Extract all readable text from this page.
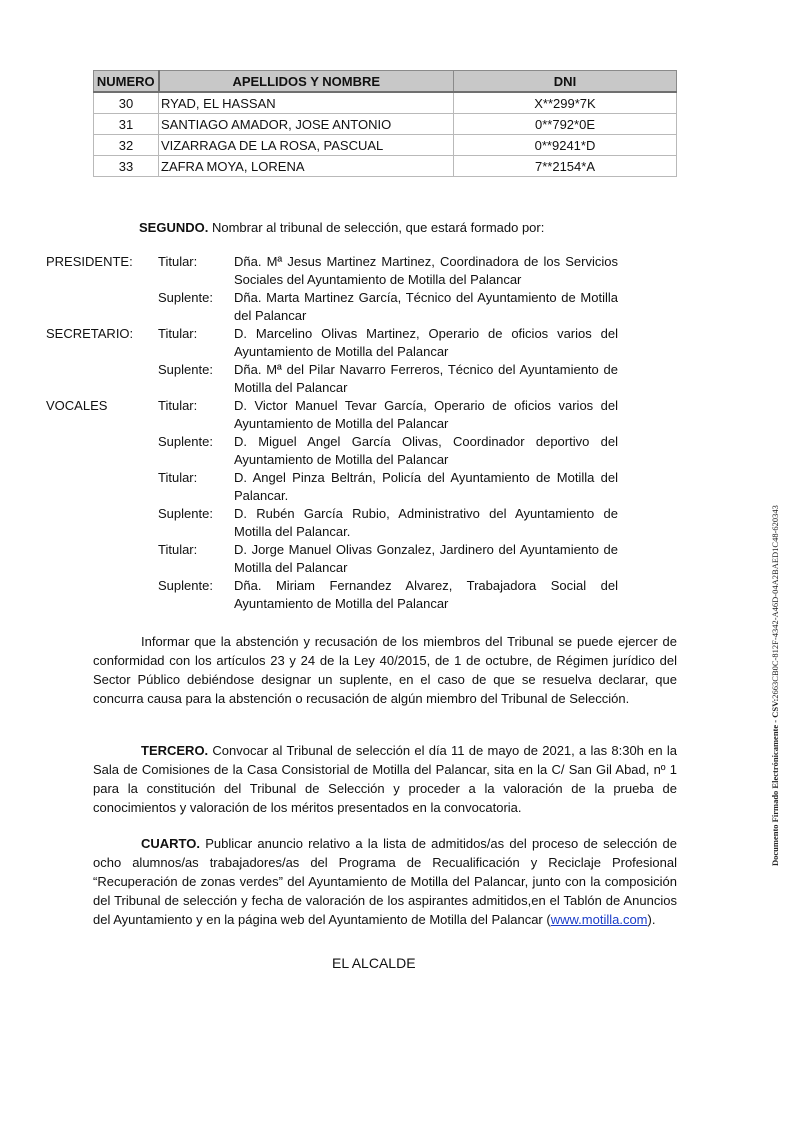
NUMERO	APELLIDOS Y NOMBRE	DNI
30	RYAD, EL HASSAN	X**299*7K
31	SANTIAGO AMADOR, JOSE ANTONIO	0**792*0E
32	VIZARRAGA DE LA ROSA, PASCUAL	0**9241*D
33	ZAFRA MOYA, LORENA	7**2154*A
SEGUNDO. Nombrar al tribunal de selección, que estará formado por:
PRESIDENTE:	Titular:	Dña. Mª Jesus Martinez Martinez, Coordinadora de los Servicios Sociales del Ayuntamiento de Motilla del Palancar
Suplente:	Dña. Marta Martinez García, Técnico del Ayuntamiento de Motilla del Palancar
SECRETARIO:	Titular:	D. Marcelino Olivas Martinez, Operario de oficios varios del Ayuntamiento de Motilla del Palancar
Suplente:	Dña. Mª del Pilar Navarro Ferreros, Técnico del Ayuntamiento de Motilla del Palancar
VOCALES	Titular:	D. Victor Manuel Tevar García, Operario de oficios varios del Ayuntamiento de Motilla del Palancar
Suplente:	D. Miguel Angel García Olivas, Coordinador deportivo del Ayuntamiento de Motilla del Palancar
Titular:	D. Angel Pinza Beltrán, Policía del Ayuntamiento de Motilla del Palancar.
Suplente:	D. Rubén García Rubio, Administrativo del Ayuntamiento de Motilla del Palancar.
Titular:	D. Jorge Manuel Olivas Gonzalez, Jardinero del Ayuntamiento de Motilla del Palancar
Suplente:	Dña. Miriam Fernandez Alvarez, Trabajadora Social del Ayuntamiento de Motilla del Palancar
Informar que la abstención y recusación de los miembros del Tribunal se puede ejercer de conformidad con los artículos 23 y 24 de la Ley 40/2015, de 1 de octubre, de Régimen jurídico del Sector Público debiéndose designar un suplente, en el caso de que se resuelva declarar, que concurra causa para la abstención o recusación de algún miembro del Tribunal de Selección.
TERCERO. Convocar al Tribunal de selección el día 11 de mayo de 2021, a las 8:30h en la Sala de Comisiones de la Casa Consistorial de Motilla del Palancar, sita en la C/ San Gil Abad, nº 1 para la constitución del Tribunal de Selección y proceder a la valoración de la prueba de conocimientos y valoración de los méritos presentados en la convocatoria.
CUARTO. Publicar anuncio relativo a la lista de admitidos/as del proceso de selección de ocho alumnos/as trabajadores/as del Programa de Recualificación y Reciclaje Profesional “Recuperación de zonas verdes” del Ayuntamiento de Motilla del Palancar, junto con la composición del Tribunal de selección y fecha de valoración de los aspirantes admitidos,en el Tablón de Anuncios del Ayuntamiento y en la página web del Ayuntamiento de Motilla del Palancar (www.motilla.com).
EL ALCALDE
Documento Firmado Electrónicamente - CSV:2663CB0C-812F-4342-A46D-04A2BAED1C48-620343
